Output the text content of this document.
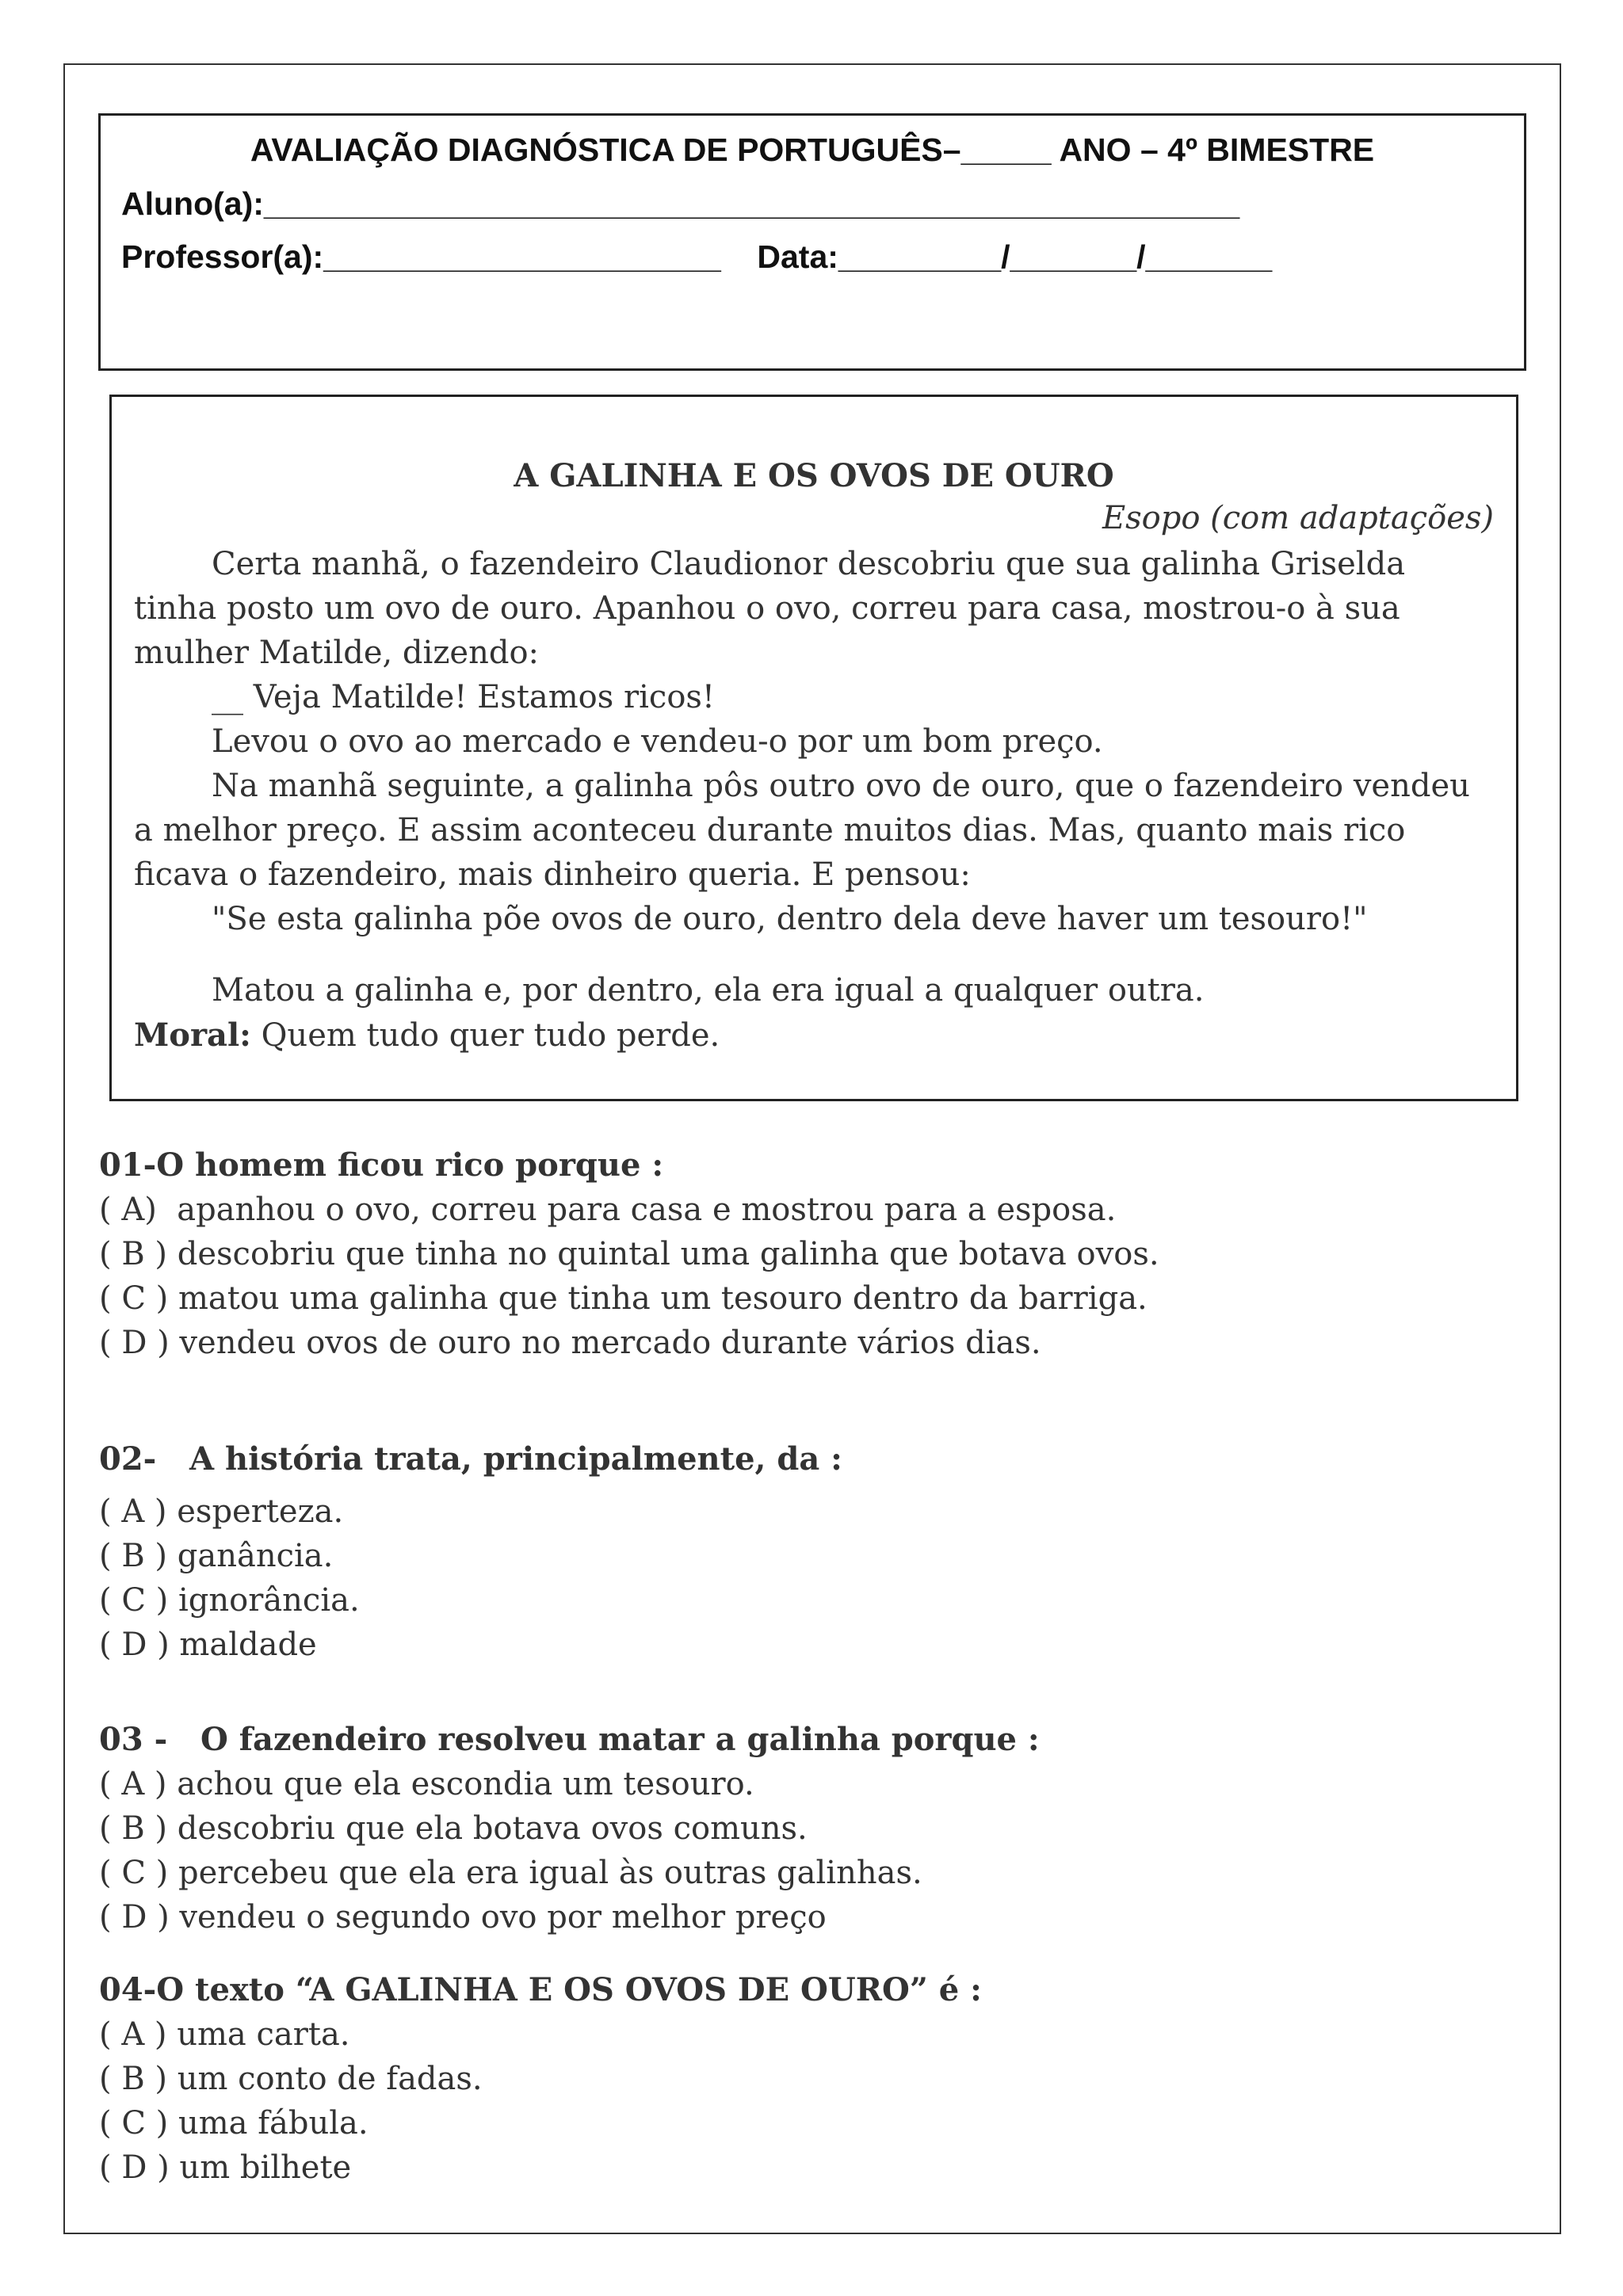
AVALIAÇÃO DIAGNÓSTICA DE PORTUGUÊS–_____ ANO – 4º BIMESTRE
Aluno(a):______________________________________________________
Professor(a):______________________    Data:_________/_______/_______
A GALINHA E OS OVOS DE OURO
Esopo (com adaptações)
Certa manhã, o fazendeiro Claudionor descobriu que sua galinha Griselda
tinha posto um ovo de ouro. Apanhou o ovo, correu para casa, mostrou-o à sua
mulher Matilde, dizendo:
__ Veja Matilde! Estamos ricos!
Levou o ovo ao mercado e vendeu-o por um bom preço.
Na manhã seguinte, a galinha pôs outro ovo de ouro, que o fazendeiro vendeu
a melhor preço. E assim aconteceu durante muitos dias. Mas, quanto mais rico
ficava o fazendeiro, mais dinheiro queria. E pensou:
"Se esta galinha põe ovos de ouro, dentro dela deve haver um tesouro!"
Matou a galinha e, por dentro, ela era igual a qualquer outra.
Moral: Quem tudo quer tudo perde.
01-O homem ficou rico porque :
( A)  apanhou o ovo, correu para casa e mostrou para a esposa.
( B ) descobriu que tinha no quintal uma galinha que botava ovos.
( C ) matou uma galinha que tinha um tesouro dentro da barriga.
( D ) vendeu ovos de ouro no mercado durante vários dias.
02-   A história trata, principalmente, da :
( A ) esperteza.
( B ) ganância.
( C ) ignorância.
( D ) maldade
03 -   O fazendeiro resolveu matar a galinha porque :
( A ) achou que ela escondia um tesouro.
( B ) descobriu que ela botava ovos comuns.
( C ) percebeu que ela era igual às outras galinhas.
( D ) vendeu o segundo ovo por melhor preço
04-O texto “A GALINHA E OS OVOS DE OURO” é :
( A ) uma carta.
( B ) um conto de fadas.
( C ) uma fábula.
( D ) um bilhete
